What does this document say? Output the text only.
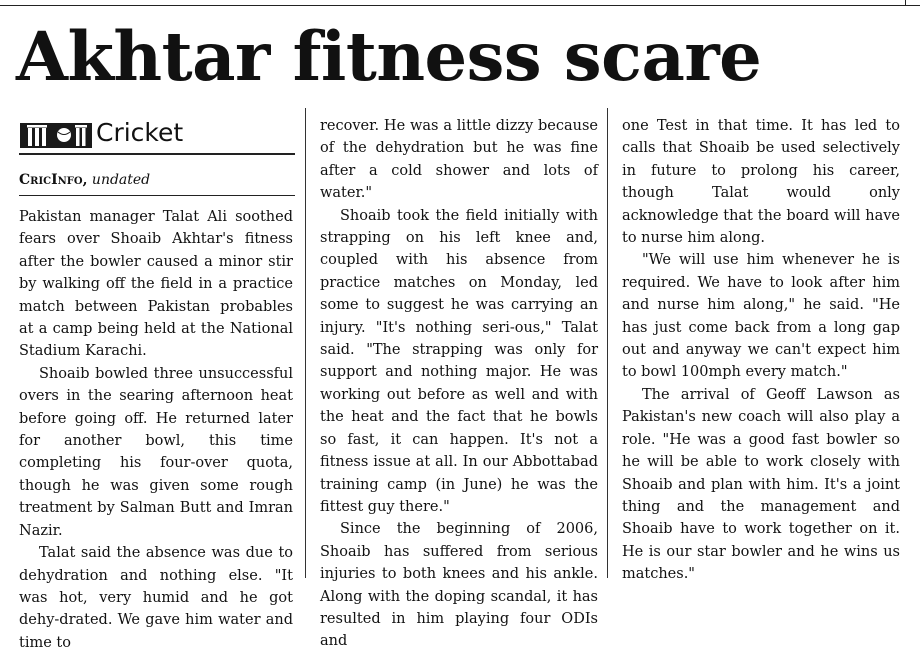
Akhtar fitness scare
Cricket
CricInfo, undated

Pakistan manager Talat Ali soothed fears over Shoaib Akhtar's fitness after the bowler caused a minor stir by walking off the field in a practice match between Pakistan probables at a camp being held at the National Stadium Karachi.

Shoaib bowled three unsuccessful overs in the searing afternoon heat before going off. He returned later for another bowl, this time completing his four-over quota, though he was given some rough treatment by Salman Butt and Imran Nazir.

Talat said the absence was due to dehydration and nothing else. "It was hot, very humid and he got dehy-drated. We gave him water and time to

recover. He was a little dizzy because of the dehydration but he was fine after a cold shower and lots of water."

Shoaib took the field initially with strapping on his left knee and, coupled with his absence from practice matches on Monday, led some to suggest he was carrying an injury. "It's nothing seri-ous," Talat said. "The strapping was only for support and nothing major. He was working out before as well and with the heat and the fact that he bowls so fast, it can happen. It's not a fitness issue at all. In our Abbottabad training camp (in June) he was the fittest guy there."

Since the beginning of 2006, Shoaib has suffered from serious injuries to both knees and his ankle. Along with the doping scandal, it has resulted in him playing four ODIs and

one Test in that time. It has led to calls that Shoaib be used selectively in future to prolong his career, though Talat would only acknowledge that the board will have to nurse him along.

"We will use him whenever he is required. We have to look after him and nurse him along," he said. "He has just come back from a long gap out and anyway we can't expect him to bowl 100mph every match."

The arrival of Geoff Lawson as Pakistan's new coach will also play a role. "He was a good fast bowler so he will be able to work closely with Shoaib and plan with him. It's a joint thing and the management and Shoaib have to work together on it. He is our star bowler and he wins us matches."
